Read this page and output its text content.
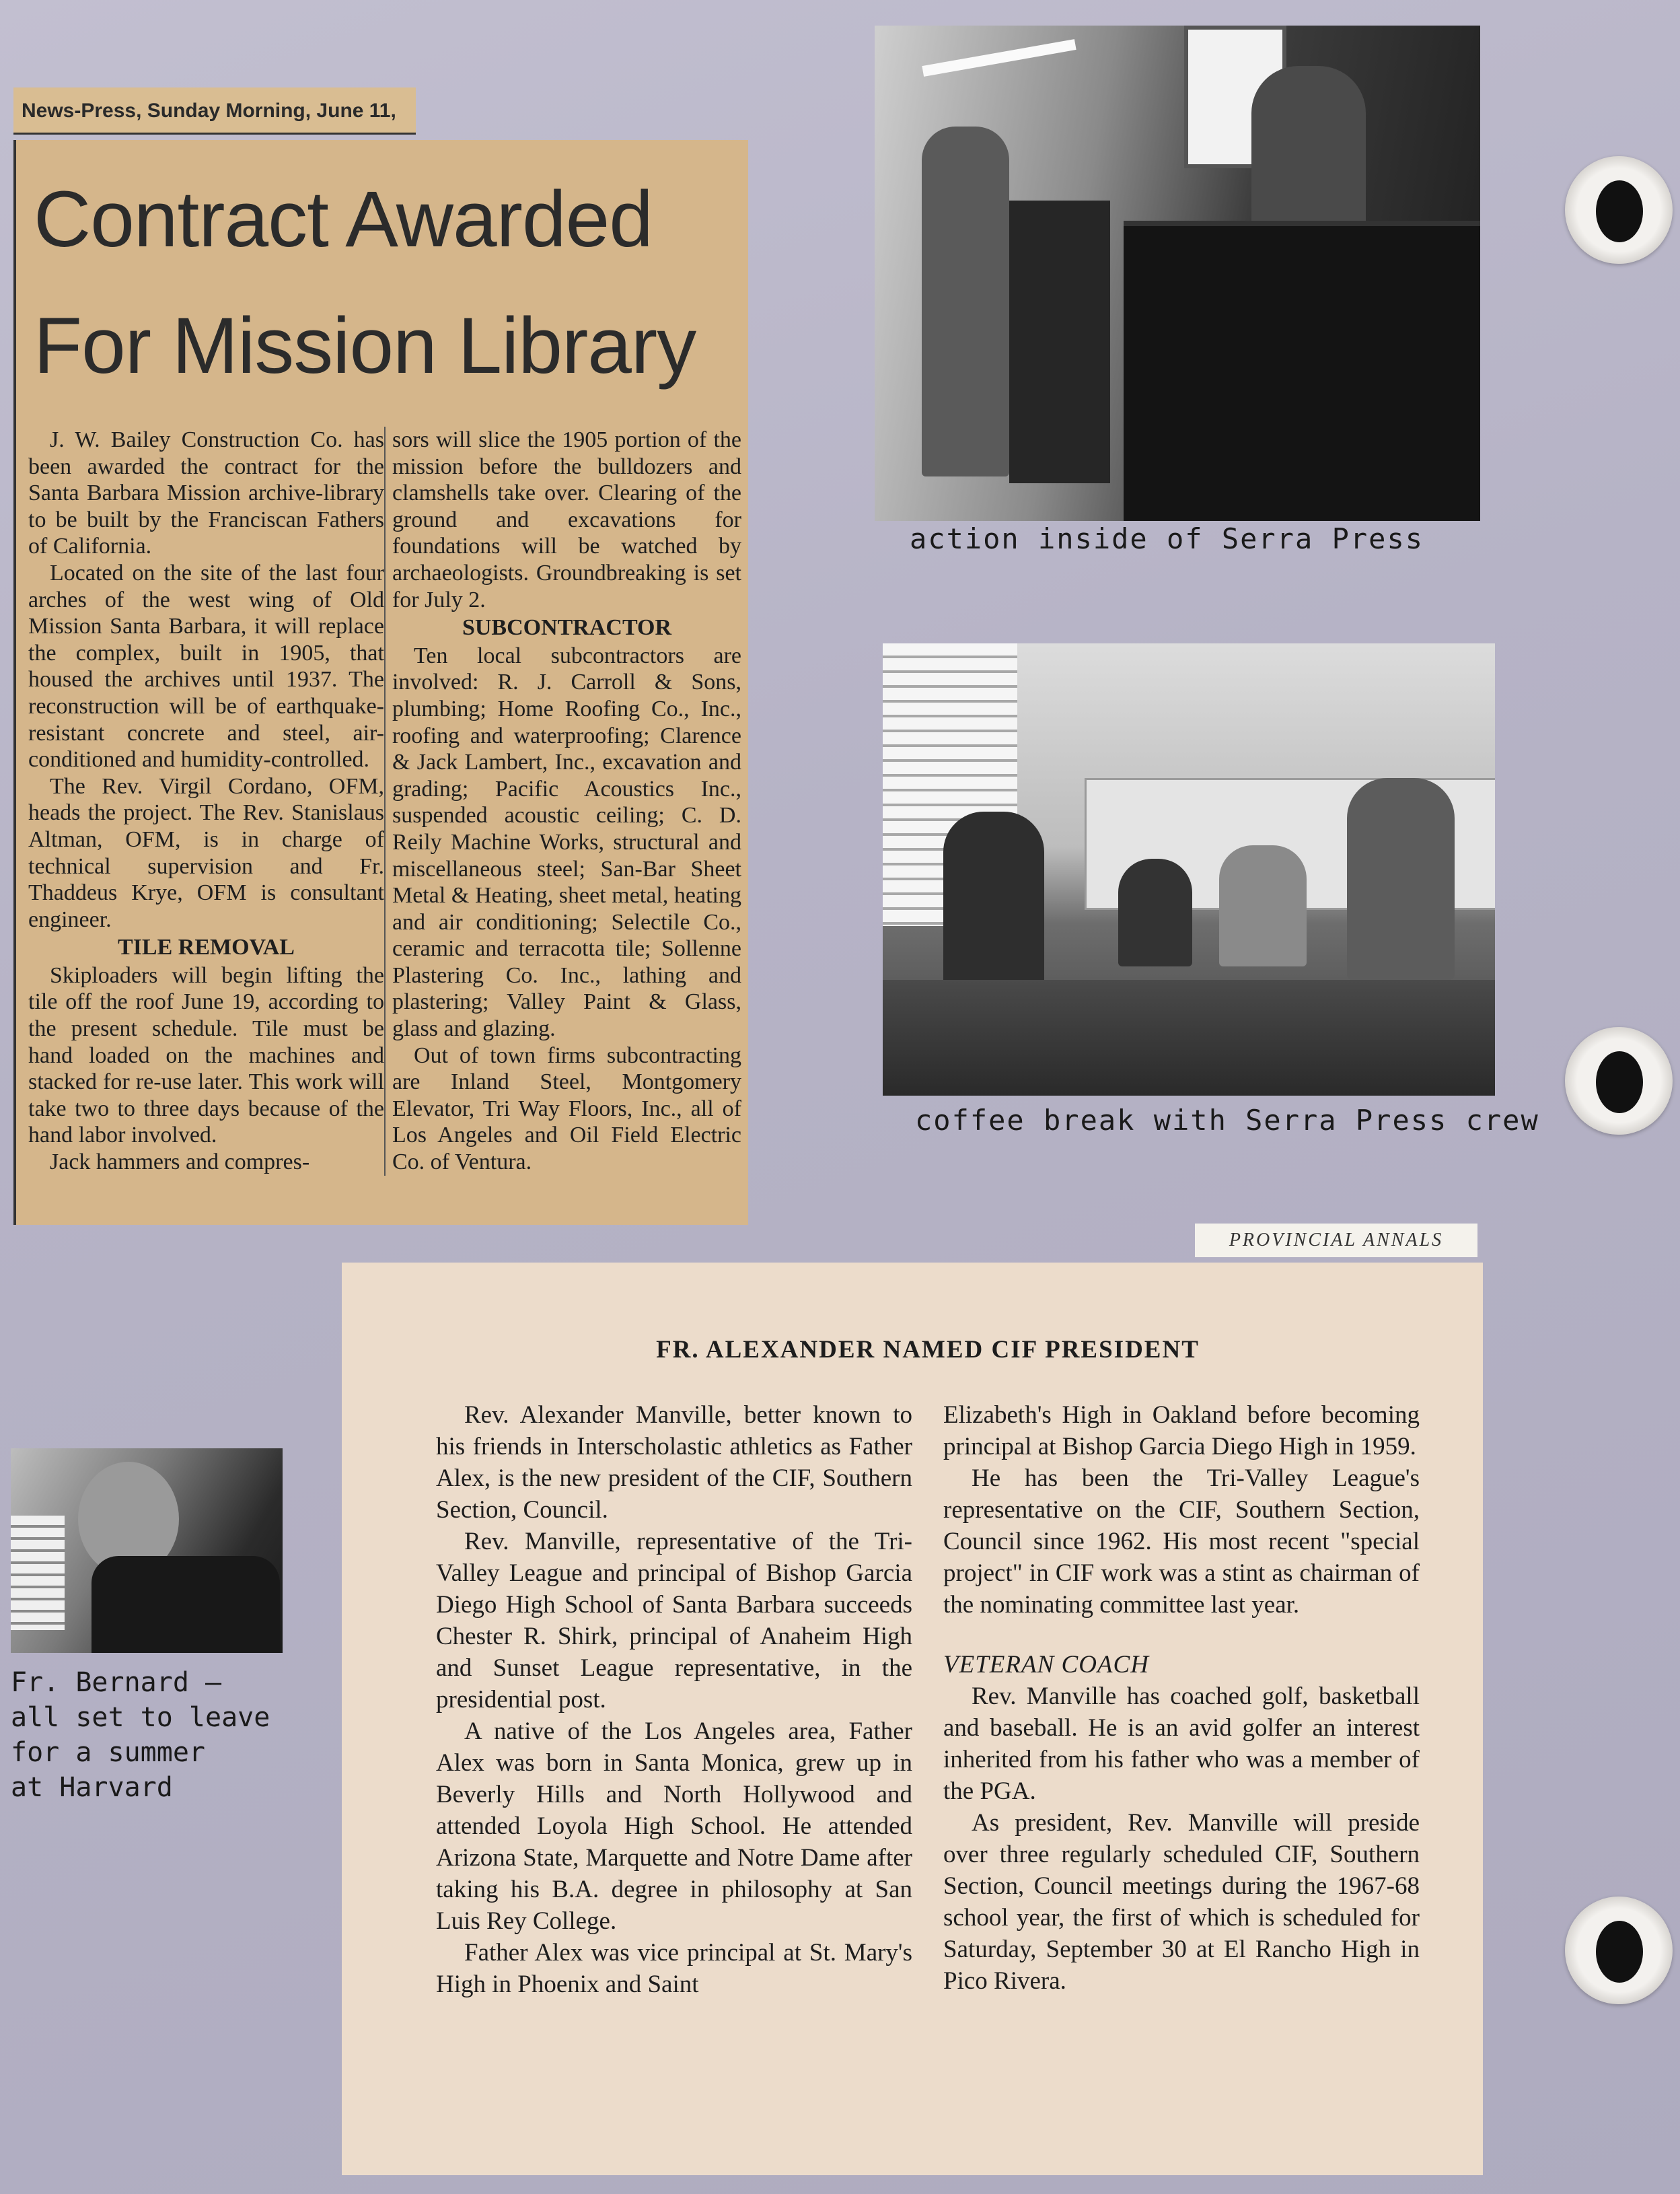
News-Press, Sunday Morning, June 11,
Contract Awarded
For Mission Library

J. W. Bailey Construction Co. has been awarded the contract for the Santa Barbara Mission archive-library to be built by the Franciscan Fathers of California.

Located on the site of the last four arches of the west wing of Old Mission Santa Barbara, it will replace the complex, built in 1905, that housed the archives until 1937. The reconstruction will be of earthquake-resistant concrete and steel, air-conditioned and humidity-controlled.

The Rev. Virgil Cordano, OFM, heads the project. The Rev. Stanislaus Altman, OFM, is in charge of technical supervision and Fr. Thaddeus Krye, OFM is consultant engineer.

TILE REMOVAL

Skiploaders will begin lifting the tile off the roof June 19, according to the present schedule. Tile must be hand loaded on the machines and stacked for re-use later. This work will take two to three days because of the hand labor involved.

Jack hammers and compres-

sors will slice the 1905 portion of the mission before the bulldozers and clamshells take over. Clearing of the ground and excavations for foundations will be watched by archaeologists. Groundbreaking is set for July 2.

SUBCONTRACTOR

Ten local subcontractors are involved: R. J. Carroll & Sons, plumbing; Home Roofing Co., Inc., roofing and waterproofing; Clarence & Jack Lambert, Inc., excavation and grading; Pacific Acoustics Inc., suspended acoustic ceiling; C. D. Reily Machine Works, structural and miscellaneous steel; San-Bar Sheet Metal & Heating, sheet metal, heating and air conditioning; Selectile Co., ceramic and terracotta tile; Sollenne Plastering Co. Inc., lathing and plastering; Valley Paint & Glass, glass and glazing.

Out of town firms subcontracting are Inland Steel, Montgomery Elevator, Tri Way Floors, Inc., all of Los Angeles and Oil Field Electric Co. of Ventura.

action inside of Serra Press
coffee break with Serra Press crew
Fr. Bernard —
all set to leave
for a summer
at Harvard
PROVINCIAL ANNALS
FR. ALEXANDER NAMED CIF PRESIDENT

Rev. Alexander Manville, better known to his friends in Interscholastic athletics as Father Alex, is the new president of the CIF, Southern Section, Council.

Rev. Manville, representative of the Tri-Valley League and principal of Bishop Garcia Diego High School of Santa Barbara succeeds Chester R. Shirk, principal of Anaheim High and Sunset League representative, in the presidential post.

A native of the Los Angeles area, Father Alex was born in Santa Monica, grew up in Beverly Hills and North Hollywood and attended Loyola High School. He attended Arizona State, Marquette and Notre Dame after taking his B.A. degree in philosophy at San Luis Rey College.

Father Alex was vice principal at St. Mary's High in Phoenix and Saint

Elizabeth's High in Oakland before becoming principal at Bishop Garcia Diego High in 1959.

He has been the Tri-Valley League's representative on the CIF, Southern Section, Council since 1962. His most recent "special project" in CIF work was a stint as chairman of the nominating committee last year.

VETERAN COACH

Rev. Manville has coached golf, basketball and baseball. He is an avid golfer an interest inherited from his father who was a member of the PGA.

As president, Rev. Manville will preside over three regularly scheduled CIF, Southern Section, Council meetings during the 1967-68 school year, the first of which is scheduled for Saturday, September 30 at El Rancho High in Pico Rivera.
